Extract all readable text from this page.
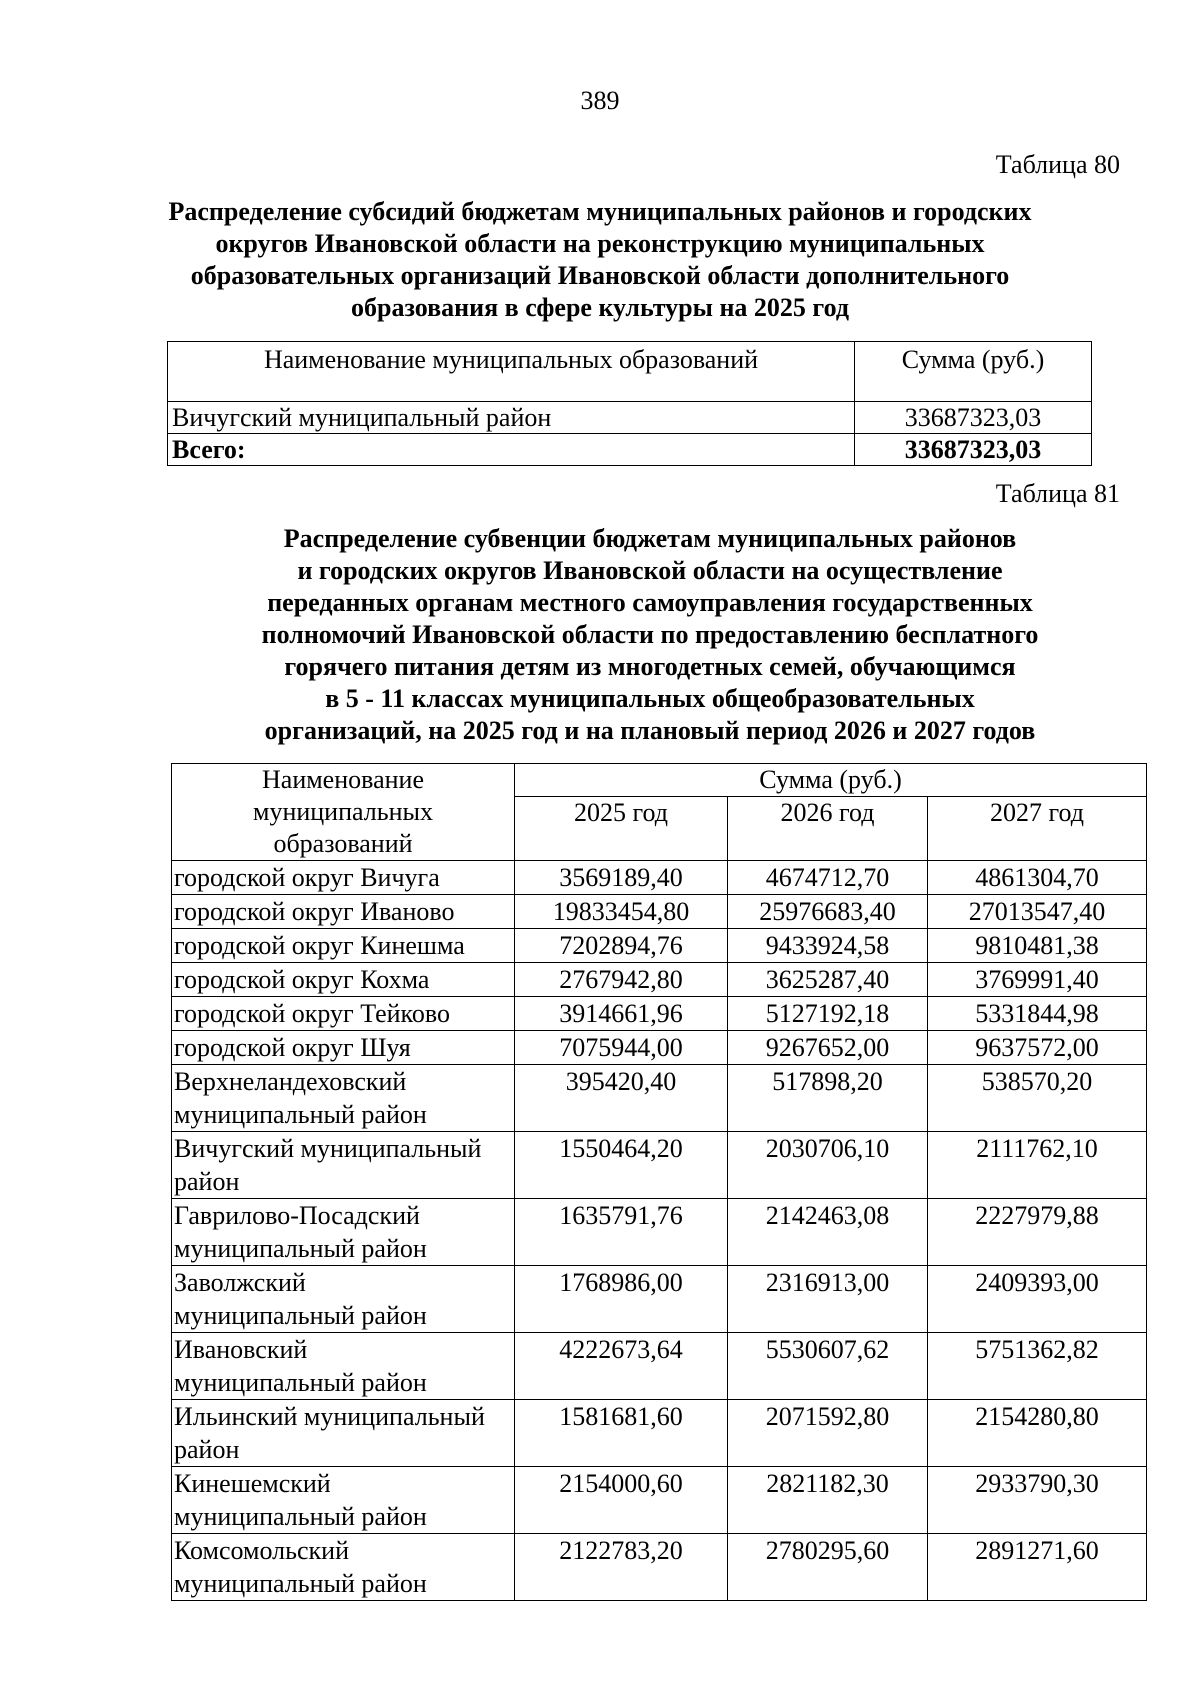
389
Таблица 80
Распределение субсидий бюджетам муниципальных районов и городских
округов Ивановской области на реконструкцию муниципальных
образовательных организаций Ивановской области дополнительного
образования в сфере культуры на 2025 год
Наименование муниципальных образований	Сумма (руб.)
Вичугский муниципальный район	33687323,03
Всего:	33687323,03
Таблица 81
Распределение субвенции бюджетам муниципальных районов
и городских округов Ивановской области на осуществление
переданных органам местного самоуправления государственных
полномочий Ивановской области по предоставлению бесплатного
горячего питания детям из многодетных семей, обучающимся
в 5 - 11 классах муниципальных общеобразовательных
организаций, на 2025 год и на плановый период 2026 и 2027 годов
Наименование
муниципальных
образований	Сумма (руб.)		
	2025 год	2026 год	2027 год

городской округ Вичуга	3569189,40	4674712,70	4861304,70

городской округ Иваново	19833454,80	25976683,40	27013547,40

городской округ Кинешма	7202894,76	9433924,58	9810481,38

городской округ Кохма	2767942,80	3625287,40	3769991,40

городской округ Тейково	3914661,96	5127192,18	5331844,98

городской округ Шуя	7075944,00	9267652,00	9637572,00

Верхнеландеховский
муниципальный район	395420,40	517898,20	538570,20

Вичугский муниципальный
район	1550464,20	2030706,10	2111762,10

Гаврилово-Посадский
муниципальный район	1635791,76	2142463,08	2227979,88

Заволжский
муниципальный район	1768986,00	2316913,00	2409393,00

Ивановский
муниципальный район	4222673,64	5530607,62	5751362,82

Ильинский муниципальный
район	1581681,60	2071592,80	2154280,80

Кинешемский
муниципальный район	2154000,60	2821182,30	2933790,30

Комсомольский
муниципальный район	2122783,20	2780295,60	2891271,60
